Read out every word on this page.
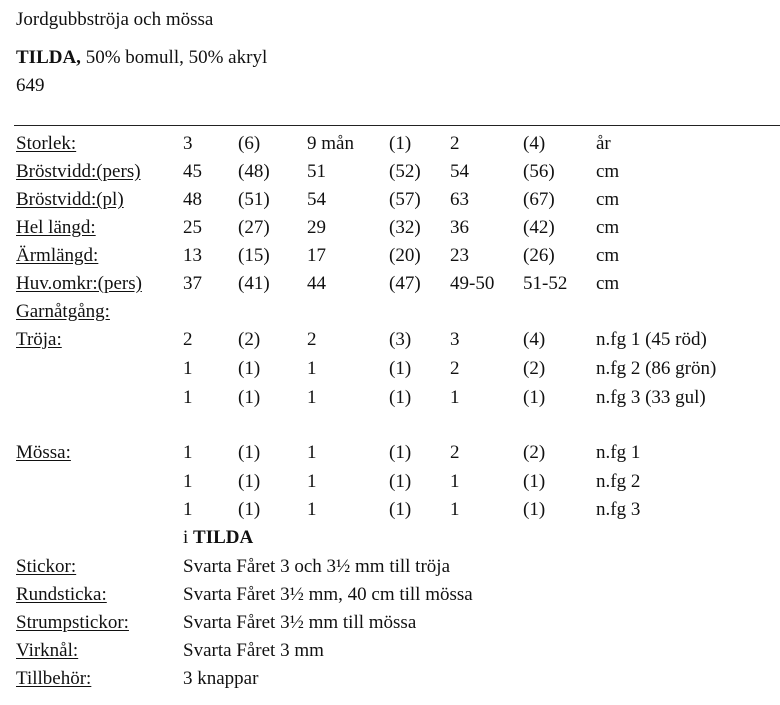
Jordgubbströja och mössa
TILDA, 50% bomull, 50% akryl
649
Storlek:	3 (6) 9 mån (1) 2	(4)	år
Bröstvidd:(pers) 45 (48) 51	(52) 54	(56) cm
Bröstvidd:(pl)	48 (51) 54	(57) 63	(67) cm
Hel längd:	25 (27) 29	(32) 36	(42) cm
Ärmlängd:	13 (15) 17	(20) 23	(26) cm
Huv.omkr:(pers) 37 (41) 44	(47) 49-50 51-52 cm
Garnåtgång:
Tröja:	2 (2) 2	(3) 3	(4)	n.fg 1 (45 röd)
1 (1) 1	(1) 2	(2)	n.fg 2 (86 grön)
1 (1) 1	(1) 1	(1)	n.fg 3 (33 gul)
Mössa:	1 (1) 1	(1) 2	(2)	n.fg 1
1 (1) 1	(1) 1	(1)	n.fg 2
1 (1) 1	(1) 1	(1)	n.fg 3
i TILDA
Stickor:	Svarta Fåret 3 och 3½ mm till tröja
Rundsticka:	Svarta Fåret 3½ mm, 40 cm till mössa
Strumpstickor:	Svarta Fåret 3½ mm till mössa
Virknål:	Svarta Fåret 3 mm
Tillbehör:	3 knappar
